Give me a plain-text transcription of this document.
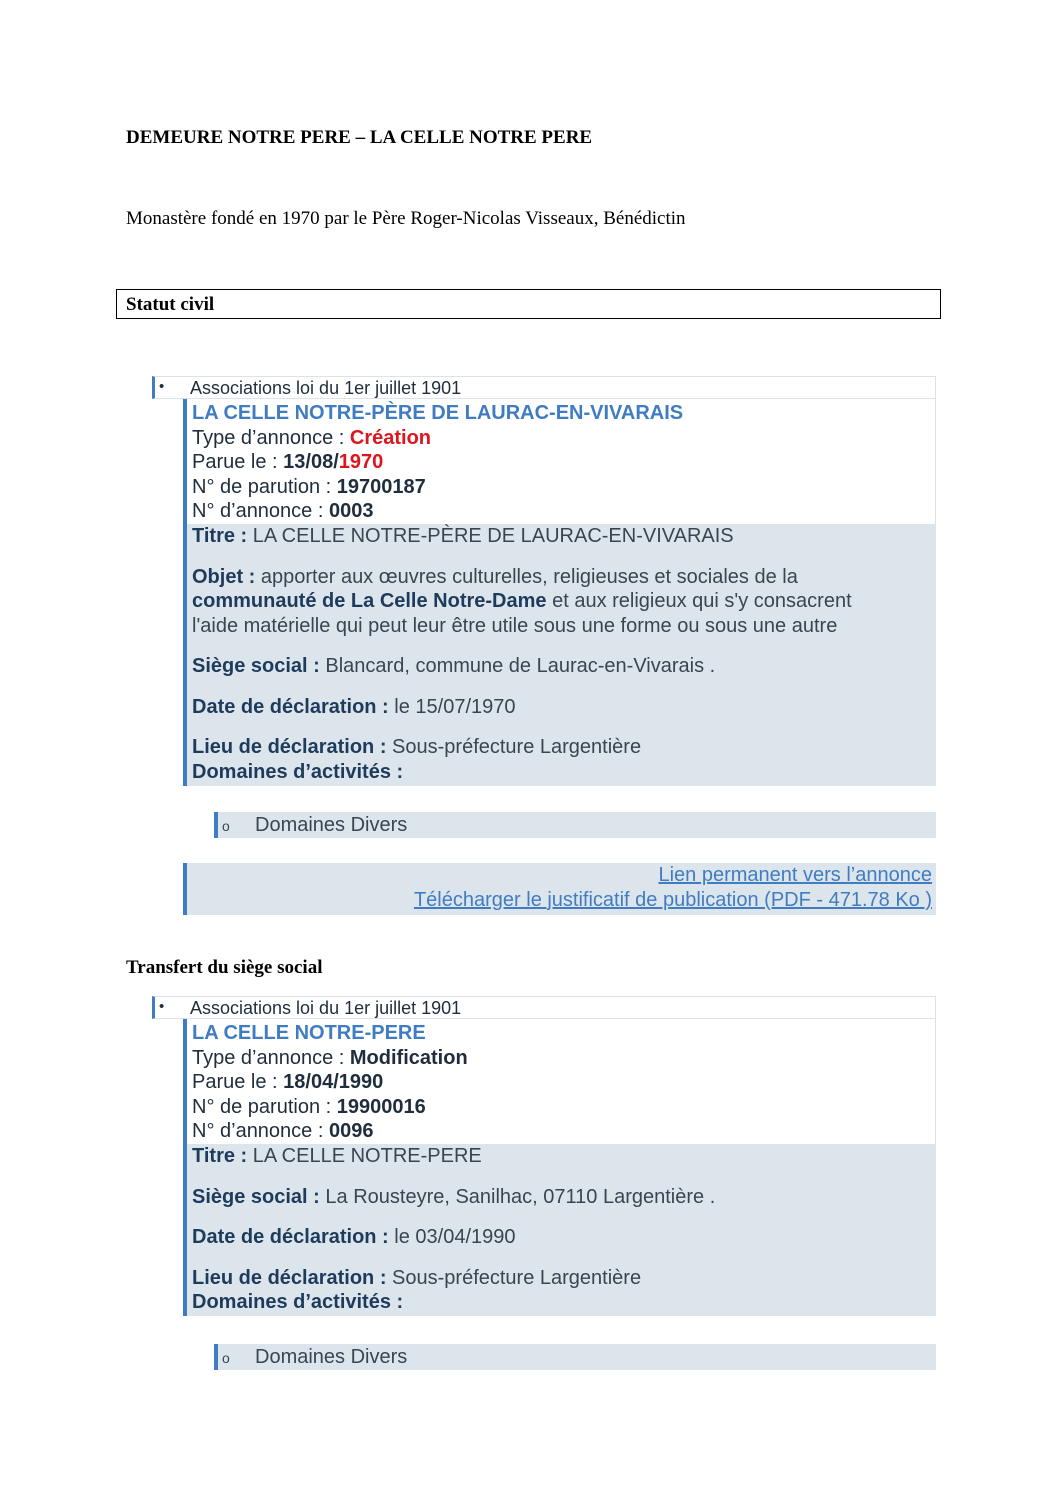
DEMEURE NOTRE PERE – LA CELLE NOTRE PERE
Monastère fondé en 1970 par le Père Roger-Nicolas Visseaux, Bénédictin
Statut civil
• Associations loi du 1er juillet 1901
LA CELLE NOTRE-PÈRE DE LAURAC-EN-VIVARAIS
Type d’annonce : Création
Parue le : 13/08/1970
N° de parution : 19700187
N° d’annonce : 0003
Titre : LA CELLE NOTRE-PÈRE DE LAURAC-EN-VIVARAIS
Objet : apporter aux œuvres culturelles, religieuses et sociales de la
communauté de La Celle Notre-Dame et aux religieux qui s'y consacrent
l'aide matérielle qui peut leur être utile sous une forme ou sous une autre
Siège social : Blancard, commune de Laurac-en-Vivarais .
Date de déclaration : le 15/07/1970
Lieu de déclaration : Sous-préfecture Largentière
Domaines d’activités :
o Domaines Divers
Lien permanent vers l’annonce
Télécharger le justificatif de publication (PDF - 471.78 Ko )
Transfert du siège social
• Associations loi du 1er juillet 1901
LA CELLE NOTRE-PERE
Type d’annonce : Modification
Parue le : 18/04/1990
N° de parution : 19900016
N° d’annonce : 0096
Titre : LA CELLE NOTRE-PERE
Siège social : La Rousteyre, Sanilhac, 07110 Largentière .
Date de déclaration : le 03/04/1990
Lieu de déclaration : Sous-préfecture Largentière
Domaines d’activités :
o Domaines Divers
